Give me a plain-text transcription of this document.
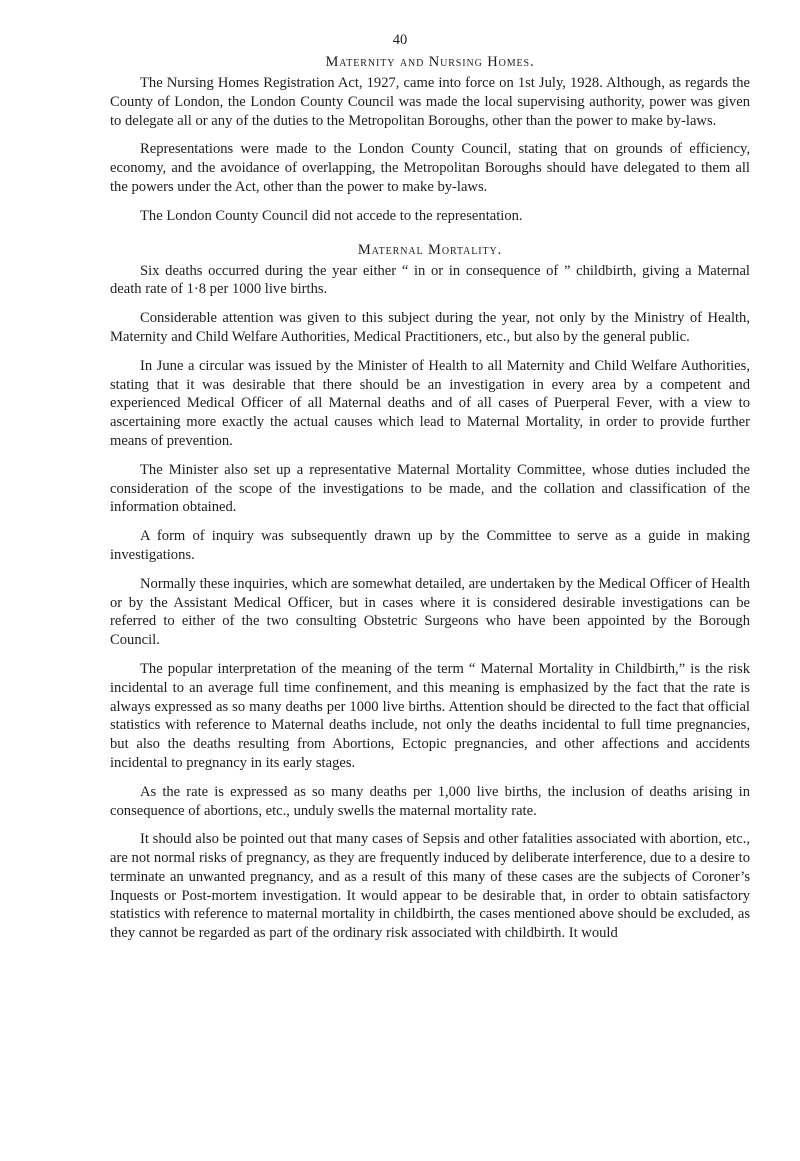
40
Maternity and Nursing Homes.

The Nursing Homes Registration Act, 1927, came into force on 1st July, 1928. Although, as regards the County of London, the London County Council was made the local supervising authority, power was given to delegate all or any of the duties to the Metropolitan Boroughs, other than the power to make by-laws.

Representations were made to the London County Council, stating that on grounds of efficiency, economy, and the avoidance of overlapping, the Metropolitan Boroughs should have delegated to them all the powers under the Act, other than the power to make by-laws.

The London County Council did not accede to the representation.

Maternal Mortality.

Six deaths occurred during the year either “ in or in consequence of ” childbirth, giving a Maternal death rate of 1·8 per 1000 live births.

Considerable attention was given to this subject during the year, not only by the Ministry of Health, Maternity and Child Welfare Authorities, Medical Practitioners, etc., but also by the general public.

In June a circular was issued by the Minister of Health to all Maternity and Child Welfare Authorities, stating that it was desirable that there should be an investigation in every area by a competent and experienced Medical Officer of all Maternal deaths and of all cases of Puerperal Fever, with a view to ascertaining more exactly the actual causes which lead to Maternal Mortality, in order to provide further means of prevention.

The Minister also set up a representative Maternal Mortality Committee, whose duties included the consideration of the scope of the investigations to be made, and the collation and classification of the information obtained.

A form of inquiry was subsequently drawn up by the Committee to serve as a guide in making investigations.

Normally these inquiries, which are somewhat detailed, are undertaken by the Medical Officer of Health or by the Assistant Medical Officer, but in cases where it is considered desirable investigations can be referred to either of the two consulting Obstetric Surgeons who have been appointed by the Borough Council.

The popular interpretation of the meaning of the term “ Maternal Mortality in Childbirth,” is the risk incidental to an average full time confinement, and this meaning is emphasized by the fact that the rate is always expressed as so many deaths per 1000 live births. Attention should be directed to the fact that official statistics with reference to Maternal deaths include, not only the deaths incidental to full time pregnancies, but also the deaths resulting from Abortions, Ectopic pregnancies, and other affections and accidents incidental to pregnancy in its early stages.

As the rate is expressed as so many deaths per 1,000 live births, the inclusion of deaths arising in consequence of abortions, etc., unduly swells the maternal mortality rate.

It should also be pointed out that many cases of Sepsis and other fatalities associated with abortion, etc., are not normal risks of pregnancy, as they are frequently induced by deliberate interference, due to a desire to terminate an unwanted pregnancy, and as a result of this many of these cases are the subjects of Coroner’s Inquests or Post-mortem investigation. It would appear to be desirable that, in order to obtain satisfactory statistics with reference to maternal mortality in childbirth, the cases mentioned above should be excluded, as they cannot be regarded as part of the ordinary risk associated with childbirth. It would
